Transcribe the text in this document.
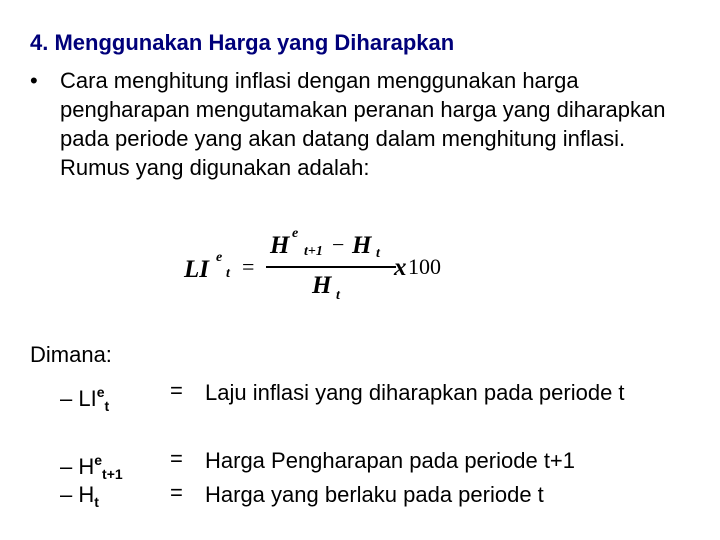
4. Menggunakan Harga yang Diharapkan
• Cara menghitung inflasi dengan menggunakan harga pengharapan mengutamakan peranan harga yang diharapkan pada periode yang akan datang dalam menghitung inflasi. Rumus yang digunakan adalah:
LI e
t =
H e
t+1 − H t
H t
x 100
Dimana:
– $LI^e_t$
= Laju inflasi yang diharapkan pada periode t
– $H^e_{t+1}$
= Harga Pengharapan pada periode t+1
– $H_t$	= Harga yang berlaku pada periode t
